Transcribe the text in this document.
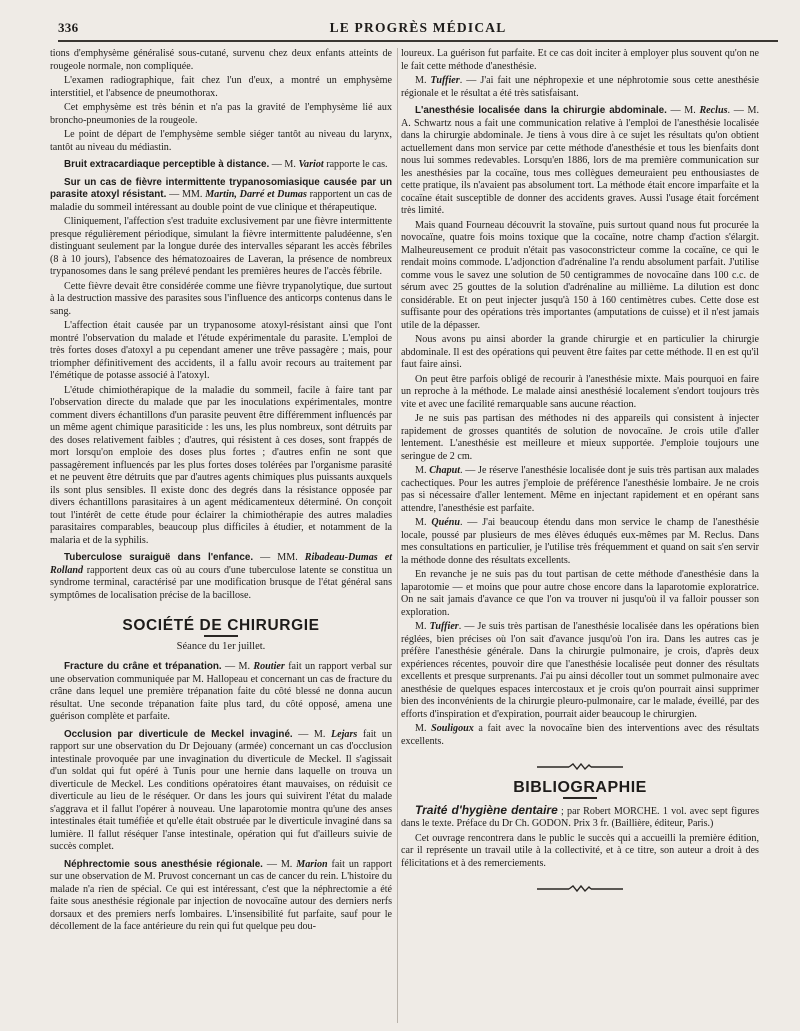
336	LE PROGRÈS MÉDICAL

tions d'emphysème généralisé sous-cutané, survenu chez deux enfants atteints de rougeole normale, non compliquée.

L'examen radiographique, fait chez l'un d'eux, a montré un emphysème interstitiel, et l'absence de pneumothorax.

Cet emphysème est très bénin et n'a pas la gravité de l'emphysème lié aux broncho-pneumonies de la rougeole.

Le point de départ de l'emphysème semble siéger tantôt au niveau du larynx, tantôt au niveau du médiastin.

Bruit extracardiaque perceptible à distance. — M. Variot rapporte le cas.

Sur un cas de fièvre intermittente trypanosomiasique causée par un parasite atoxyl résistant. — MM. Martin, Darré et Dumas rapportent un cas de maladie du sommeil intéressant au double point de vue clinique et thérapeutique.

Cliniquement, l'affection s'est traduite exclusivement par une fièvre intermittente presque régulièrement périodique, simulant la fièvre intermittente paludéenne, s'en distinguant seulement par la longue durée des intervalles séparant les accès fébriles (8 à 10 jours), l'absence des hématozoaires de Laveran, la présence de nombreux trypanosomes dans le sang prélevé pendant les premières heures de l'accès fébrile.

Cette fièvre devait être considérée comme une fièvre trypanolytique, due surtout à la destruction massive des parasites sous l'influence des anticorps contenus dans le sang.

L'affection était causée par un trypanosome atoxyl-résistant ainsi que l'ont montré l'observation du malade et l'étude expérimentale du parasite. L'emploi de très fortes doses d'atoxyl a pu cependant amener une trêve passagère ; mais, pour triompher définitivement des accidents, il a fallu avoir recours au traitement par l'émétique de potasse associé à l'atoxyl.

L'étude chimiothérapique de la maladie du sommeil, facile à faire tant par l'observation directe du malade que par les inoculations expérimentales, montre comment divers échantillons d'un parasite peuvent être différemment influencés par un même agent chimique parasiticide : les uns, les plus nombreux, sont détruits par des doses relativement faibles ; d'autres, qui résistent à ces doses, sont frappés de mort lorsqu'on emploie des doses plus fortes ; d'autres enfin ne sont que passagèrement influencés par les plus fortes doses tolérées par l'organisme parasité et ne peuvent être détruits que par d'autres agents chimiques plus puissants auxquels ils sont plus sensibles. Il existe donc des degrés dans la résistance opposée par divers échantillons parasitaires à un agent médicamenteux déterminé. On conçoit tout l'intérêt de cette étude pour éclairer la chimiothérapie des autres maladies parasitaires comparables, beaucoup plus difficiles à étudier, et notamment de la malaria et de la syphilis.

Tuberculose suraiguë dans l'enfance. — MM. Ribadeau-Dumas et Rolland rapportent deux cas où au cours d'une tuberculose latente se constitua un syndrome terminal, caractérisé par une modification brusque de l'état général sans symptômes de localisation précise de la bacillose.

SOCIÉTÉ DE CHIRURGIE
Séance du 1er juillet.

Fracture du crâne et trépanation. — M. Routier fait un rapport verbal sur une observation communiquée par M. Hallopeau et concernant un cas de fracture du crâne dans lequel une première trépanation faite du côté blessé ne donna aucun résultat. Une seconde trépanation faite plus tard, du côté opposé, amena une guérison complète et parfaite.

Occlusion par diverticule de Meckel invaginé. — M. Lejars fait un rapport sur une observation du Dr Dejouany (armée) concernant un cas d'occlusion intestinale provoquée par une invagination du diverticule de Meckel. Il s'agissait d'un soldat qui fut opéré à Tunis pour une hernie dans laquelle on trouva un diverticule de Meckel. Les conditions opératoires étant mauvaises, on réduisit ce diverticule au lieu de le réséquer. Or dans les jours qui suivirent l'état du malade s'aggrava et il fallut l'opérer à nouveau. Une laparotomie montra qu'une des anses intestinales était tuméfiée et qu'elle était obstruée par le diverticule invaginé dans sa lumière. Il fallut réséquer l'anse intestinale, opération qui fut d'ailleurs suivie de succès complet.

Néphrectomie sous anesthésie régionale. — M. Marion fait un rapport sur une observation de M. Pruvost concernant un cas de cancer du rein. L'histoire du malade n'a rien de spécial. Ce qui est intéressant, c'est que la néphrectomie a été faite sous anesthésie régionale par injection de novocaïne autour des derniers nerfs dorsaux et des premiers nerfs lombaires. L'insensibilité fut parfaite, sauf pour le décollement de la face antérieure du rein qui fut quelque peu dou-

loureux. La guérison fut parfaite. Et ce cas doit inciter à employer plus souvent qu'on ne le fait cette méthode d'anesthésie.

M. Tuffier. — J'ai fait une néphropexie et une néphrotomie sous cette anesthésie régionale et le résultat a été très satisfaisant.

L'anesthésie localisée dans la chirurgie abdominale. — M. Reclus. — M. A. Schwartz nous a fait une communication relative à l'emploi de l'anesthésie localisée dans la chirurgie abdominale. Je tiens à vous dire à ce sujet les résultats qu'on obtient actuellement dans mon service par cette méthode d'anesthésie et tous les bienfaits dont nous lui sommes redevables. Lorsqu'en 1886, lors de ma première communication sur les anesthésies par la cocaïne, tous mes collègues demeuraient peu enthousiastes de cette pratique, ils n'avaient pas absolument tort. La méthode était encore imparfaite et la cocaïne était susceptible de donner des accidents graves. Aussi l'usage était forcément très limité.

Mais quand Fourneau découvrit la stovaïne, puis surtout quand nous fut procurée la novocaïne, quatre fois moins toxique que la cocaïne, notre champ d'action s'élargit. Malheureusement ce produit n'était pas vasoconstricteur comme la cocaïne, ce qui le rendait moins commode. L'adjonction d'adrénaline l'a rendu absolument parfait. J'utilise comme vous le savez une solution de 50 centigrammes de novocaïne dans 100 c.c. de sérum avec 25 gouttes de la solution d'adrénaline au millième. La dilution est donc considérable. Et on peut injecter jusqu'à 150 à 160 centimètres cubes. Cette dose est suffisante pour des opérations très importantes (amputations de cuisse) et il n'est jamais utile de la dépasser.

Nous avons pu ainsi aborder la grande chirurgie et en particulier la chirurgie abdominale. Il est des opérations qui peuvent être faites par cette méthode. Il en est qu'il faut faire ainsi.

On peut être parfois obligé de recourir à l'anesthésie mixte. Mais pourquoi en faire un reproche à la méthode. Le malade ainsi anesthésié localement s'endort toujours très vite et avec une facilité remarquable sans aucune réaction.

Je ne suis pas partisan des méthodes ni des appareils qui consistent à injecter rapidement de grosses quantités de solution de novocaïne. Je crois utile d'aller lentement. L'anesthésie est meilleure et mieux supportée. J'emploie toujours une seringue de 2 cm.

M. Chaput. — Je réserve l'anesthésie localisée dont je suis très partisan aux malades cachectiques. Pour les autres j'emploie de préférence l'anesthésie lombaire. Je ne crois pas si nécessaire d'aller lentement. Même en injectant rapidement et en opérant sans attendre, l'anesthésie est parfaite.

M. Quénu. — J'ai beaucoup étendu dans mon service le champ de l'anesthésie locale, poussé par plusieurs de mes élèves éduqués eux-mêmes par M. Reclus. Dans mes consultations en particulier, je l'utilise très fréquemment et quand on sait s'en servir la méthode donne des résultats excellents.

En revanche je ne suis pas du tout partisan de cette méthode d'anesthésie dans la laparotomie — et moins que pour autre chose encore dans la laparotomie exploratrice. On ne sait jamais d'avance ce que l'on va trouver ni jusqu'où il va falloir pousser son exploration.

M. Tuffier. — Je suis très partisan de l'anesthésie localisée dans les opérations bien réglées, bien précises où l'on sait d'avance jusqu'où l'on ira. Dans les autres cas je préfère l'anesthésie générale. Dans la chirurgie pulmonaire, je crois, d'après deux expériences récentes, pouvoir dire que l'anesthésie localisée peut donner des résultats excellents et presque surprenants. J'ai pu ainsi décoller tout un sommet pulmonaire avec anesthésie de quelques espaces intercostaux et je crois qu'on pourrait ainsi supprimer bien des inconvénients de la chirurgie pleuro-pulmonaire, car le malade, éveillé, par des efforts d'inspiration et d'expiration, pourrait aider beaucoup le chirurgien.

M. Souligoux a fait avec la novocaïne bien des interventions avec des résultats excellents.

BIBLIOGRAPHIE

Traité d'hygiène dentaire ; par Robert MORCHE. 1 vol. avec sept figures dans le texte. Préface du Dr Ch. GODON. Prix 3 fr. (Baillière, éditeur, Paris.)

Cet ouvrage rencontrera dans le public le succès qui a accueilli la première édition, car il représente un travail utile à la collectivité, et à ce titre, son auteur a droit à des félicitations et à des remerciements.
